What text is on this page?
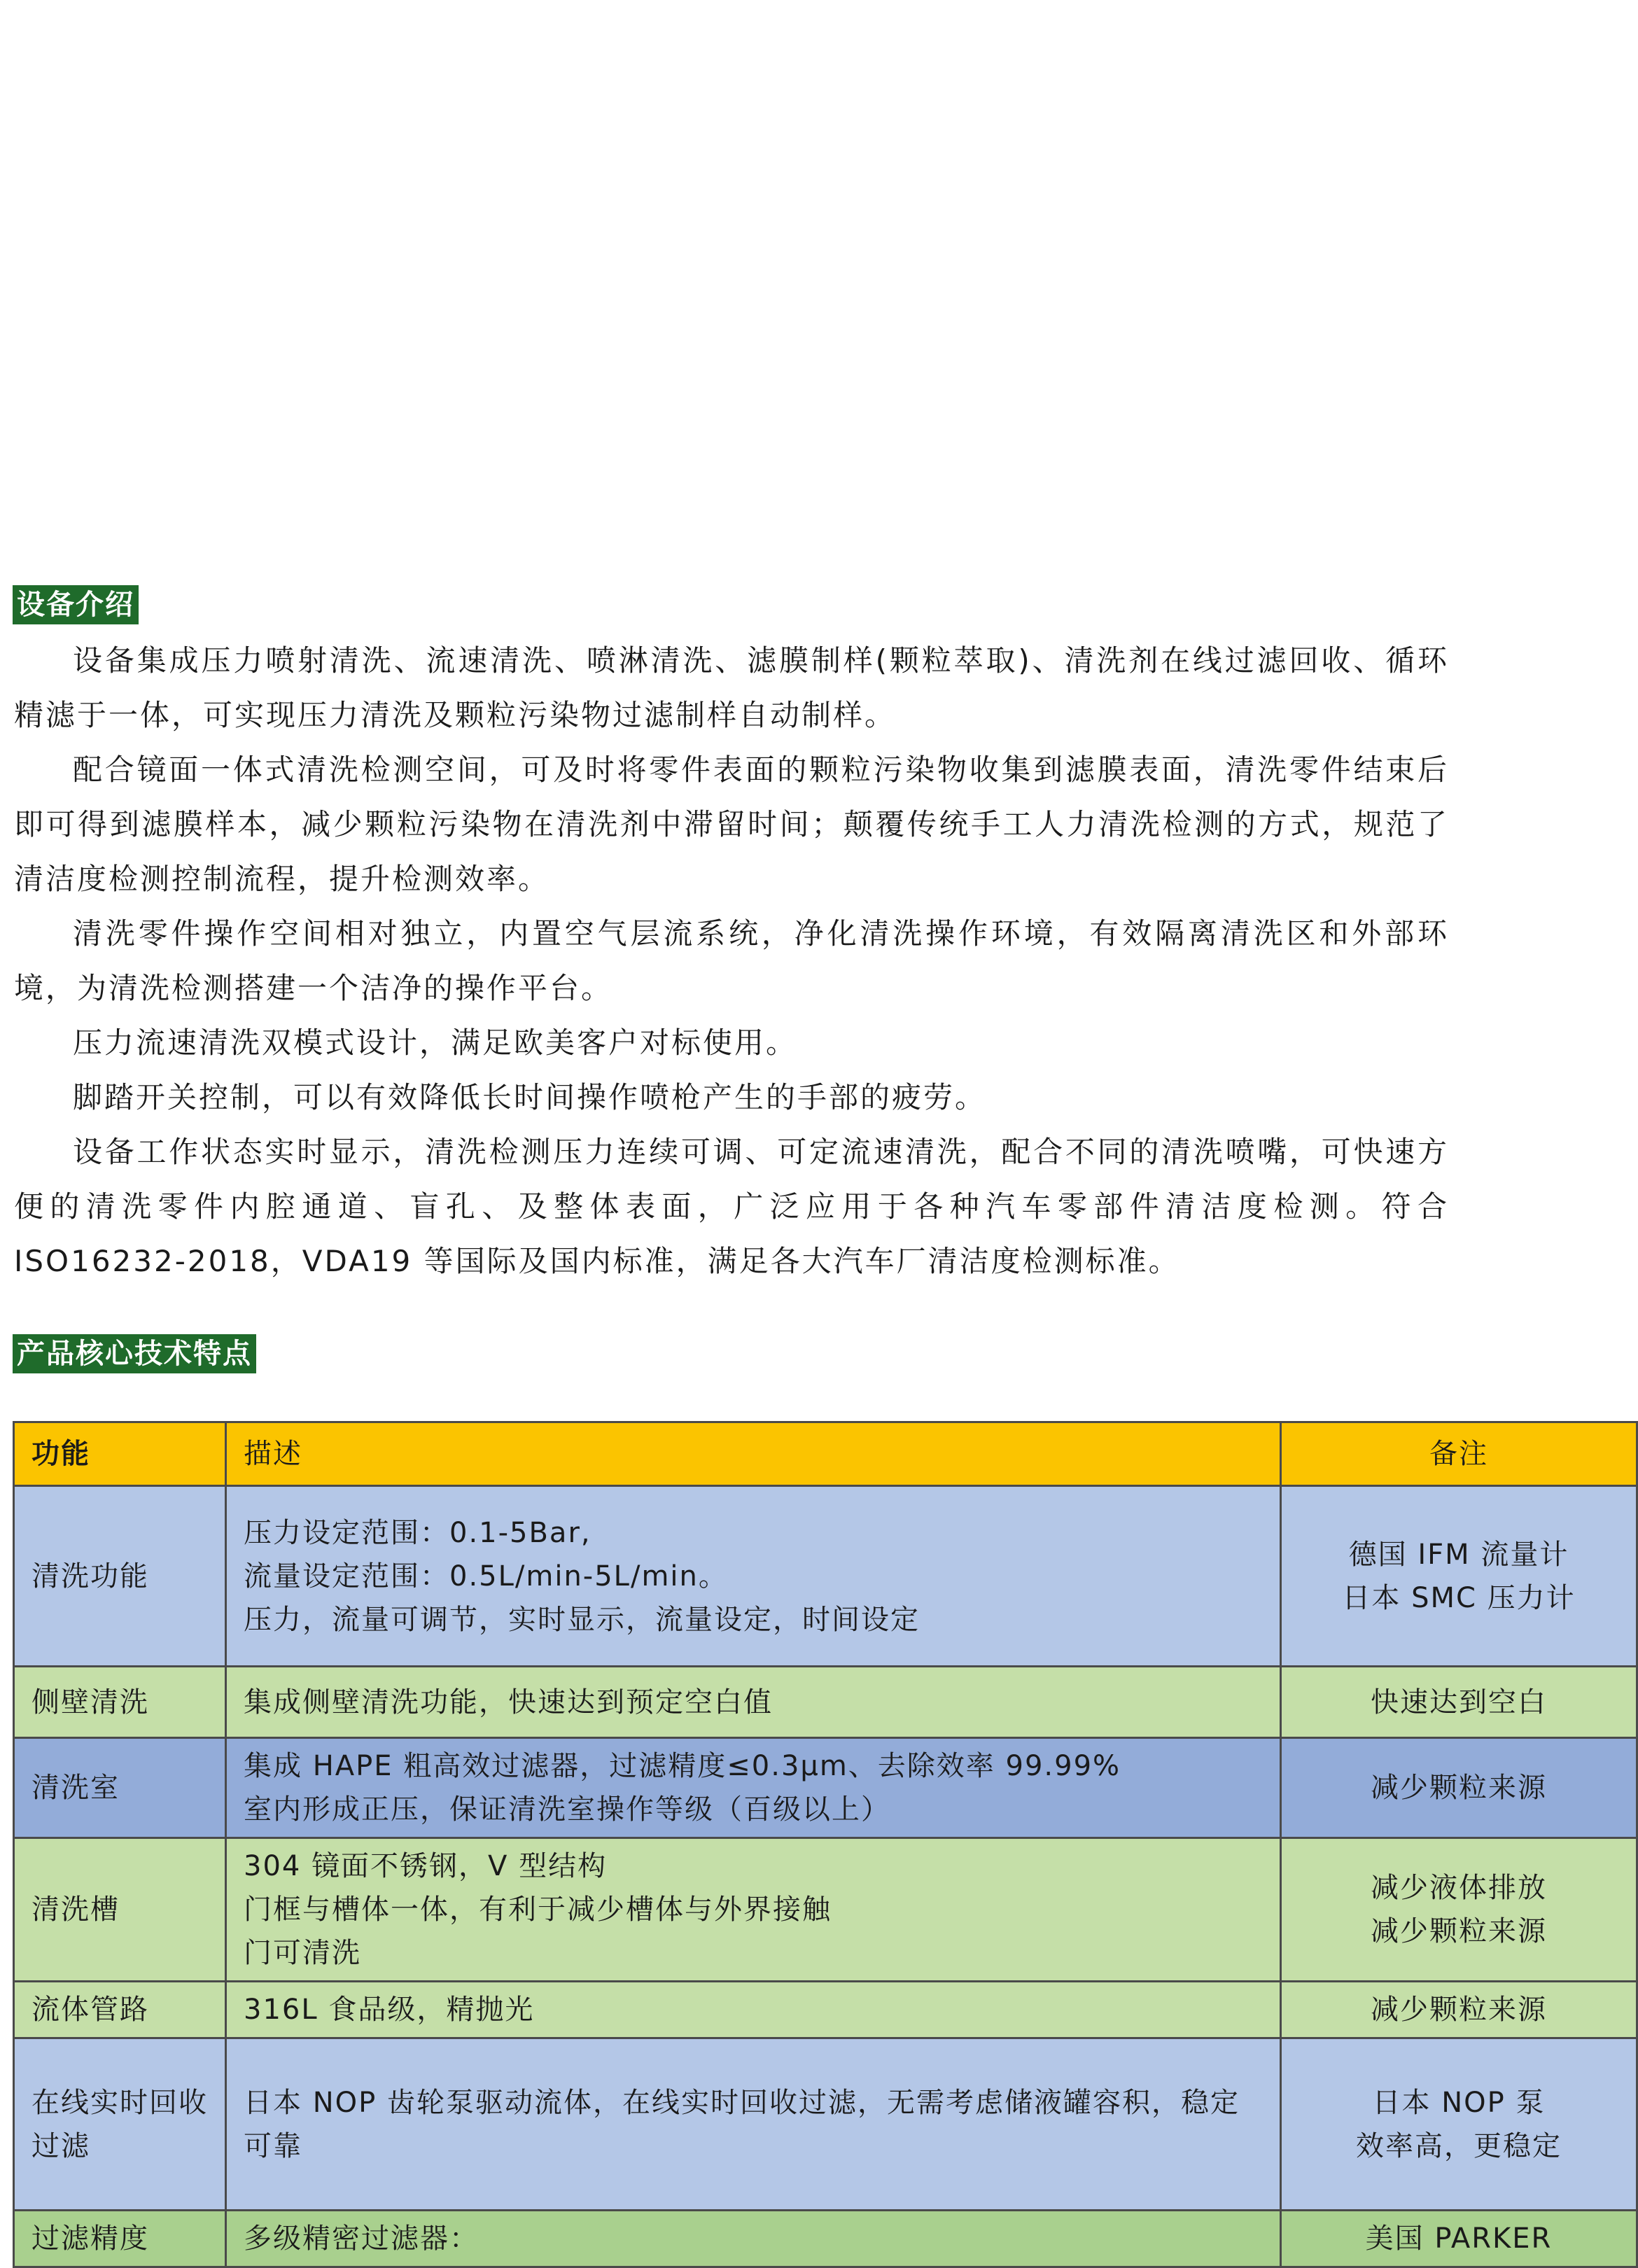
设备介绍

设备集成压力喷射清洗、流速清洗、喷淋清洗、滤膜制样(颗粒萃取)、清洗剂在线过滤回收、循环精滤于一体，可实现压力清洗及颗粒污染物过滤制样自动制样。

配合镜面一体式清洗检测空间，可及时将零件表面的颗粒污染物收集到滤膜表面，清洗零件结束后即可得到滤膜样本，减少颗粒污染物在清洗剂中滞留时间；颠覆传统手工人力清洗检测的方式，规范了清洁度检测控制流程，提升检测效率。

清洗零件操作空间相对独立，内置空气层流系统，净化清洗操作环境，有效隔离清洗区和外部环境，为清洗检测搭建一个洁净的操作平台。

压力流速清洗双模式设计，满足欧美客户对标使用。

脚踏开关控制，可以有效降低长时间操作喷枪产生的手部的疲劳。

设备工作状态实时显示，清洗检测压力连续可调、可定流速清洗，配合不同的清洗喷嘴，可快速方便的清洗零件内腔通道、盲孔、及整体表面，广泛应用于各种汽车零部件清洁度检测。符合 ISO16232-2018，VDA19 等国际及国内标准，满足各大汽车厂清洁度检测标准。

产品核心技术特点
功能	描述	备注
清洗功能	压力设定范围：0.1-5Bar,
流量设定范围：0.5L/min-5L/min。
压力，流量可调节，实时显示，流量设定，时间设定	德国 IFM 流量计
日本 SMC 压力计

侧壁清洗	集成侧壁清洗功能，快速达到预定空白值	快速达到空白

清洗室	集成 HAPE 粗高效过滤器，过滤精度≤0.3μm、去除效率 99.99%
室内形成正压，保证清洗室操作等级（百级以上）	减少颗粒来源

清洗槽	304 镜面不锈钢，V 型结构
门框与槽体一体，有利于减少槽体与外界接触
门可清洗	减少液体排放
减少颗粒来源

流体管路	316L 食品级，精抛光	减少颗粒来源

在线实时回收过滤	日本 NOP 齿轮泵驱动流体，在线实时回收过滤，无需考虑储液罐容积，稳定可靠	日本 NOP 泵
效率高，更稳定

过滤精度	多级精密过滤器：	美国 PARKER
